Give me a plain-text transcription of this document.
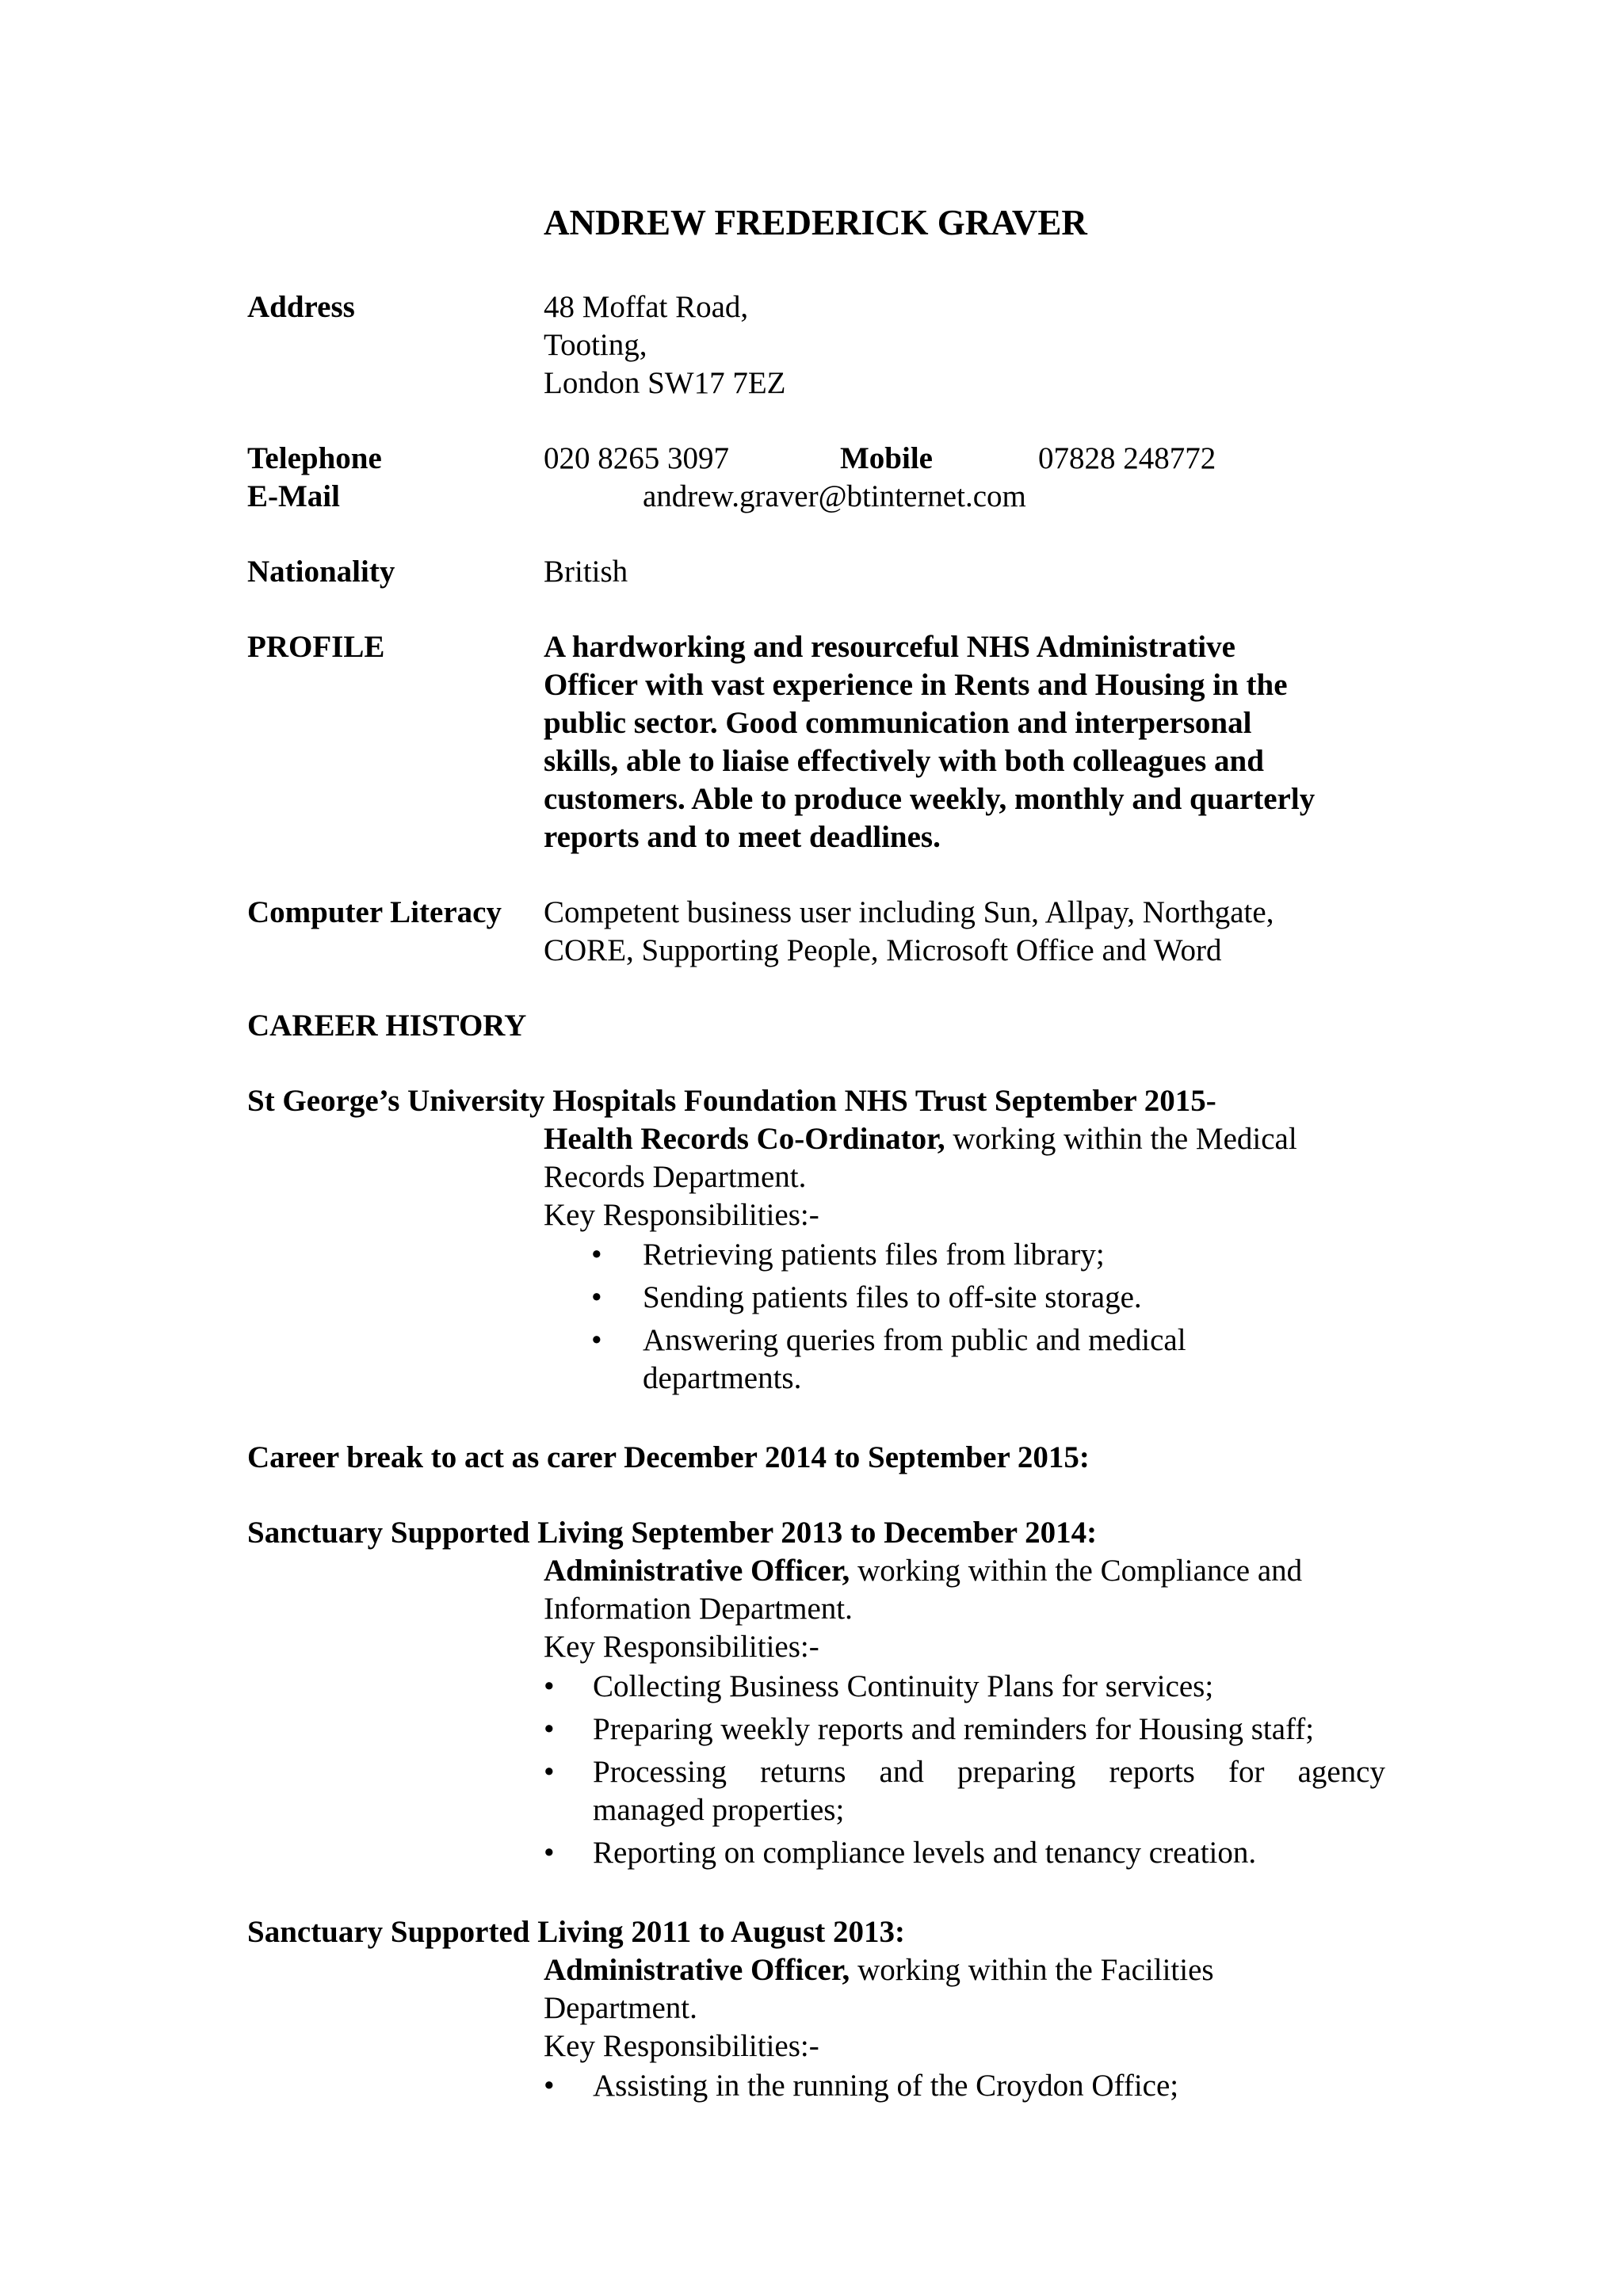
ANDREW FREDERICK GRAVER
Address	48 Moffat Road,
Tooting,
London SW17 7EZ
Telephone	020 8265 3097	Mobile	07828 248772
E-Mail	andrew.graver@btinternet.com
Nationality	British
PROFILE	A hardworking and resourceful NHS Administrative
Officer with vast experience in Rents and Housing in the
public sector. Good communication and interpersonal
skills, able to liaise effectively with both colleagues and
customers. Able to produce weekly, monthly and quarterly
reports and to meet deadlines.
Computer Literacy Competent business user including Sun, Allpay, Northgate,
CORE, Supporting People, Microsoft Office and Word
CAREER HISTORY
St George’s University Hospitals Foundation NHS Trust September 2015-
Health Records Co-Ordinator, working within the Medical
Records Department.
Key Responsibilities:-
• Retrieving patients files from library;
• Sending patients files to off-site storage.
• Answering queries from public and medical
departments.
Career break to act as carer December 2014 to September 2015:
Sanctuary Supported Living September 2013 to December 2014:
Administrative Officer, working within the Compliance and
Information Department.
Key Responsibilities:-
• Collecting Business Continuity Plans for services;
• Preparing weekly reports and reminders for Housing staff;
• Processing returns and preparing reports for agency
managed properties;
• Reporting on compliance levels and tenancy creation.
Sanctuary Supported Living 2011 to August 2013:
Administrative Officer, working within the Facilities
Department.
Key Responsibilities:-
• Assisting in the running of the Croydon Office;
